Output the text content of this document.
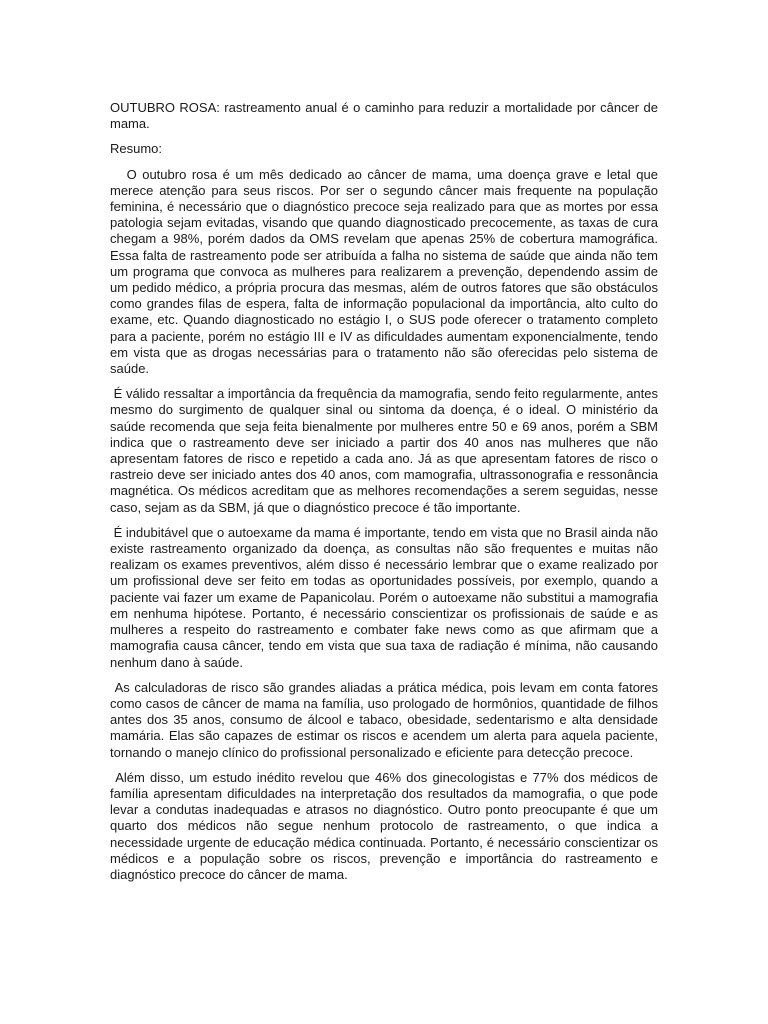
OUTUBRO ROSA: rastreamento anual é o caminho para reduzir a mortalidade por câncer de mama.

Resumo:

O outubro rosa é um mês dedicado ao câncer de mama, uma doença grave e letal que merece atenção para seus riscos. Por ser o segundo câncer mais frequente na população feminina, é necessário que o diagnóstico precoce seja realizado para que as mortes por essa patologia sejam evitadas, visando que quando diagnosticado precocemente, as taxas de cura chegam a 98%, porém dados da OMS revelam que apenas 25% de cobertura mamográfica. Essa falta de rastreamento pode ser atribuída a falha no sistema de saúde que ainda não tem um programa que convoca as mulheres para realizarem a prevenção, dependendo assim de um pedido médico, a própria procura das mesmas, além de outros fatores que são obstáculos como grandes filas de espera, falta de informação populacional da importância, alto culto do exame, etc. Quando diagnosticado no estágio I, o SUS pode oferecer o tratamento completo para a paciente, porém no estágio III e IV as dificuldades aumentam exponencialmente, tendo em vista que as drogas necessárias para o tratamento não são oferecidas pelo sistema de saúde.

É válido ressaltar a importância da frequência da mamografia, sendo feito regularmente, antes mesmo do surgimento de qualquer sinal ou sintoma da doença, é o ideal. O ministério da saúde recomenda que seja feita bienalmente por mulheres entre 50 e 69 anos, porém a SBM indica que o rastreamento deve ser iniciado a partir dos 40 anos nas mulheres que não apresentam fatores de risco e repetido a cada ano. Já as que apresentam fatores de risco o rastreio deve ser iniciado antes dos 40 anos, com mamografia, ultrassonografia e ressonância magnética. Os médicos acreditam que as melhores recomendações a serem seguidas, nesse caso, sejam as da SBM, já que o diagnóstico precoce é tão importante.

É indubitável que o autoexame da mama é importante, tendo em vista que no Brasil ainda não existe rastreamento organizado da doença, as consultas não são frequentes e muitas não realizam os exames preventivos, além disso é necessário lembrar que o exame realizado por um profissional deve ser feito em todas as oportunidades possíveis, por exemplo, quando a paciente vai fazer um exame de Papanicolau. Porém o autoexame não substitui a mamografia em nenhuma hipótese. Portanto, é necessário conscientizar os profissionais de saúde e as mulheres a respeito do rastreamento e combater fake news como as que afirmam que a mamografia causa câncer, tendo em vista que sua taxa de radiação é mínima, não causando nenhum dano à saúde.

As calculadoras de risco são grandes aliadas a prática médica, pois levam em conta fatores como casos de câncer de mama na família, uso prologado de hormônios, quantidade de filhos antes dos 35 anos, consumo de álcool e tabaco, obesidade, sedentarismo e alta densidade mamária. Elas são capazes de estimar os riscos e acendem um alerta para aquela paciente, tornando o manejo clínico do profissional personalizado e eficiente para detecção precoce.

Além disso, um estudo inédito revelou que 46% dos ginecologistas e 77% dos médicos de família apresentam dificuldades na interpretação dos resultados da mamografia, o que pode levar a condutas inadequadas e atrasos no diagnóstico. Outro ponto preocupante é que um quarto dos médicos não segue nenhum protocolo de rastreamento, o que indica a necessidade urgente de educação médica continuada. Portanto, é necessário conscientizar os médicos e a população sobre os riscos, prevenção e importância do rastreamento e diagnóstico precoce do câncer de mama.
